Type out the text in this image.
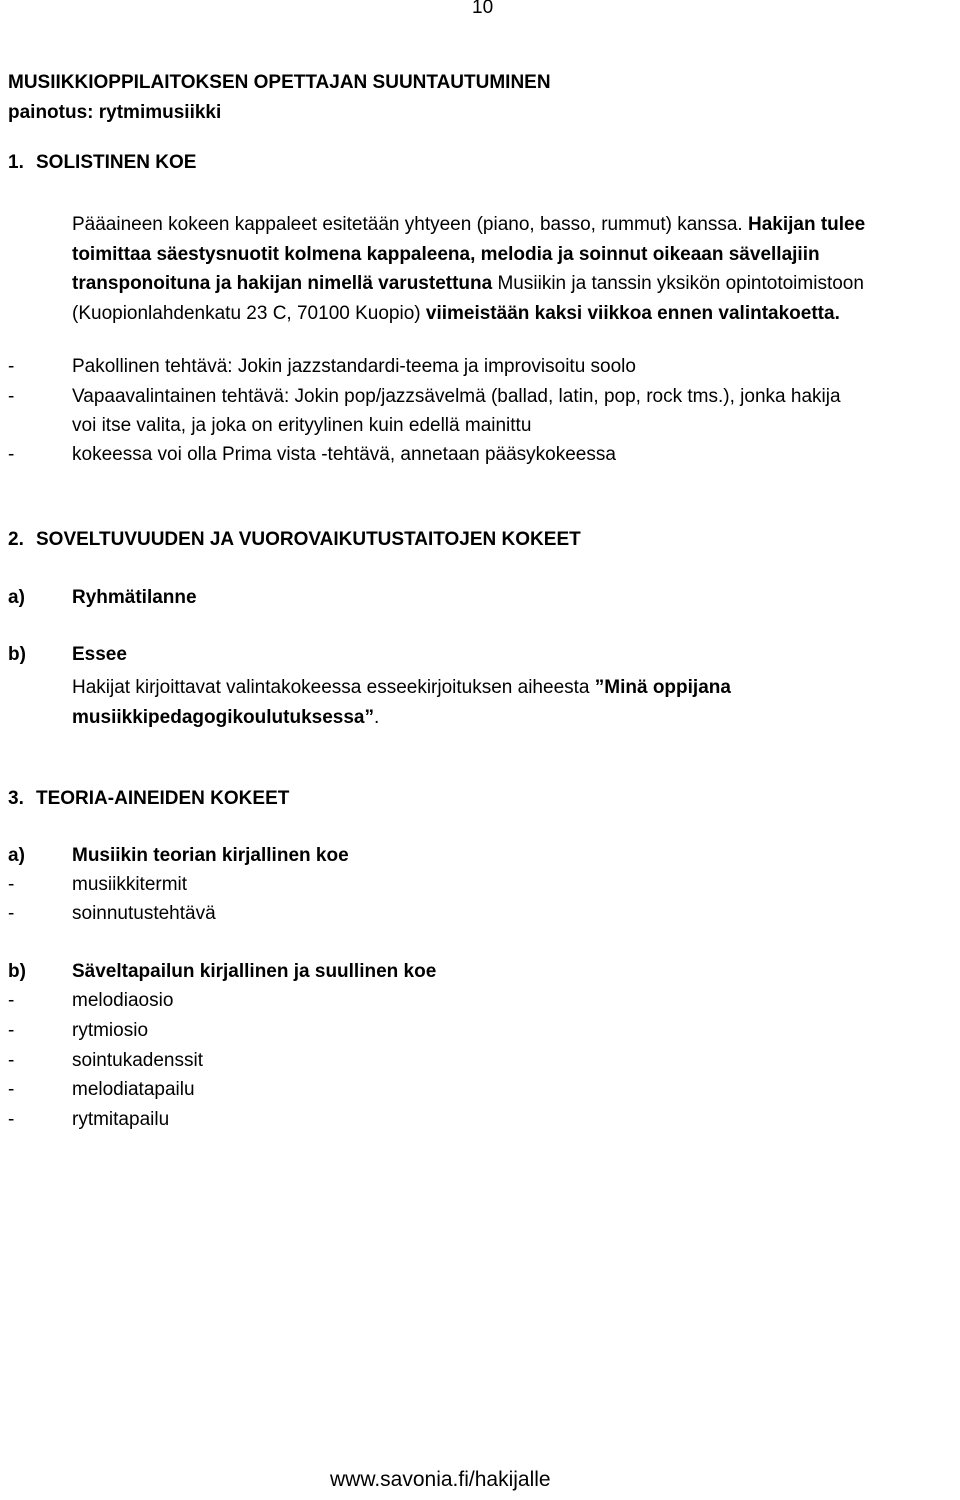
10
MUSIIKKIOPPILAITOKSEN OPETTAJAN SUUNTAUTUMINEN
painotus: rytmimusiikki
1. SOLISTINEN KOE
Pääaineen kokeen kappaleet esitetään yhtyeen (piano, basso, rummut) kanssa. Hakijan tulee
toimittaa säestysnuotit kolmena kappaleena, melodia ja soinnut oikeaan sävellajiin
transponoituna ja hakijan nimellä varustettuna Musiikin ja tanssin yksikön opintotoimistoon
(Kuopionlahdenkatu 23 C, 70100 Kuopio) viimeistään kaksi viikkoa ennen valintakoetta.
-	Pakollinen tehtävä: Jokin jazzstandardi-teema ja improvisoitu soolo
-	Vapaavalintainen tehtävä: Jokin pop/jazzsävelmä (ballad, latin, pop, rock tms.), jonka hakija
voi itse valita, ja joka on erityylinen kuin edellä mainittu
-	kokeessa voi olla Prima vista -tehtävä, annetaan pääsykokeessa
2. SOVELTUVUUDEN JA VUOROVAIKUTUSTAITOJEN KOKEET
a) Ryhmätilanne
b) Essee
Hakijat kirjoittavat valintakokeessa esseekirjoituksen aiheesta ”Minä oppijana
musiikkipedagogikoulutuksessa”.
3. TEORIA-AINEIDEN KOKEET
a) Musiikin teorian kirjallinen koe
-	musiikkitermit
-	soinnutustehtävä
b) Säveltapailun kirjallinen ja suullinen koe
-	melodiaosio
-	rytmiosio
-	sointukadenssit
-	melodiatapailu
-	rytmitapailu
www.savonia.fi/hakijalle
